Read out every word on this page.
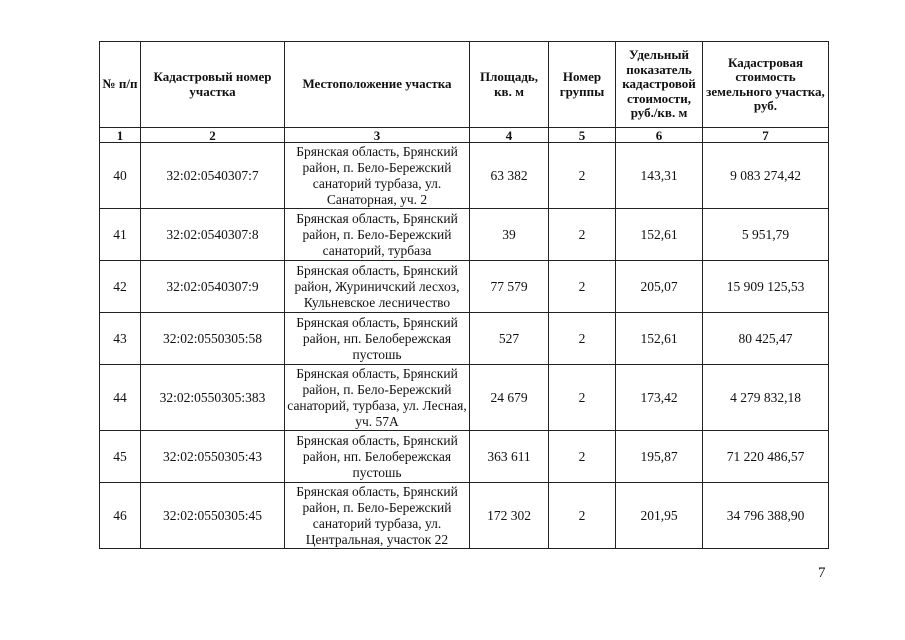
№ п/п	Кадастровый номер участка	Местоположение участка	Площадь, кв. м	Номер группы	Удельный показатель кадастровой стоимости, руб./кв. м	Кадастровая стоимость земельного участка, руб.
1	2	3	4	5	6	7
40	32:02:0540307:7	Брянская область, Брянский район, п. Бело-Бережский санаторий турбаза, ул. Санаторная, уч. 2	63 382	2	143,31	9 083 274,42
41	32:02:0540307:8	Брянская область, Брянский район, п. Бело-Бережский санаторий, турбаза	39	2	152,61	5 951,79
42	32:02:0540307:9	Брянская область, Брянский район, Журиничский лесхоз, Кульневское лесничество	77 579	2	205,07	15 909 125,53
43	32:02:0550305:58	Брянская область, Брянский район, нп. Белобережская пустошь	527	2	152,61	80 425,47
44	32:02:0550305:383	Брянская область, Брянский район, п. Бело-Бережский санаторий, турбаза, ул. Лесная, уч. 57А	24 679	2	173,42	4 279 832,18
45	32:02:0550305:43	Брянская область, Брянский район, нп. Белобережская пустошь	363 611	2	195,87	71 220 486,57
46	32:02:0550305:45	Брянская область, Брянский район, п. Бело-Бережский санаторий турбаза, ул. Центральная, участок 22	172 302	2	201,95	34 796 388,90
7
